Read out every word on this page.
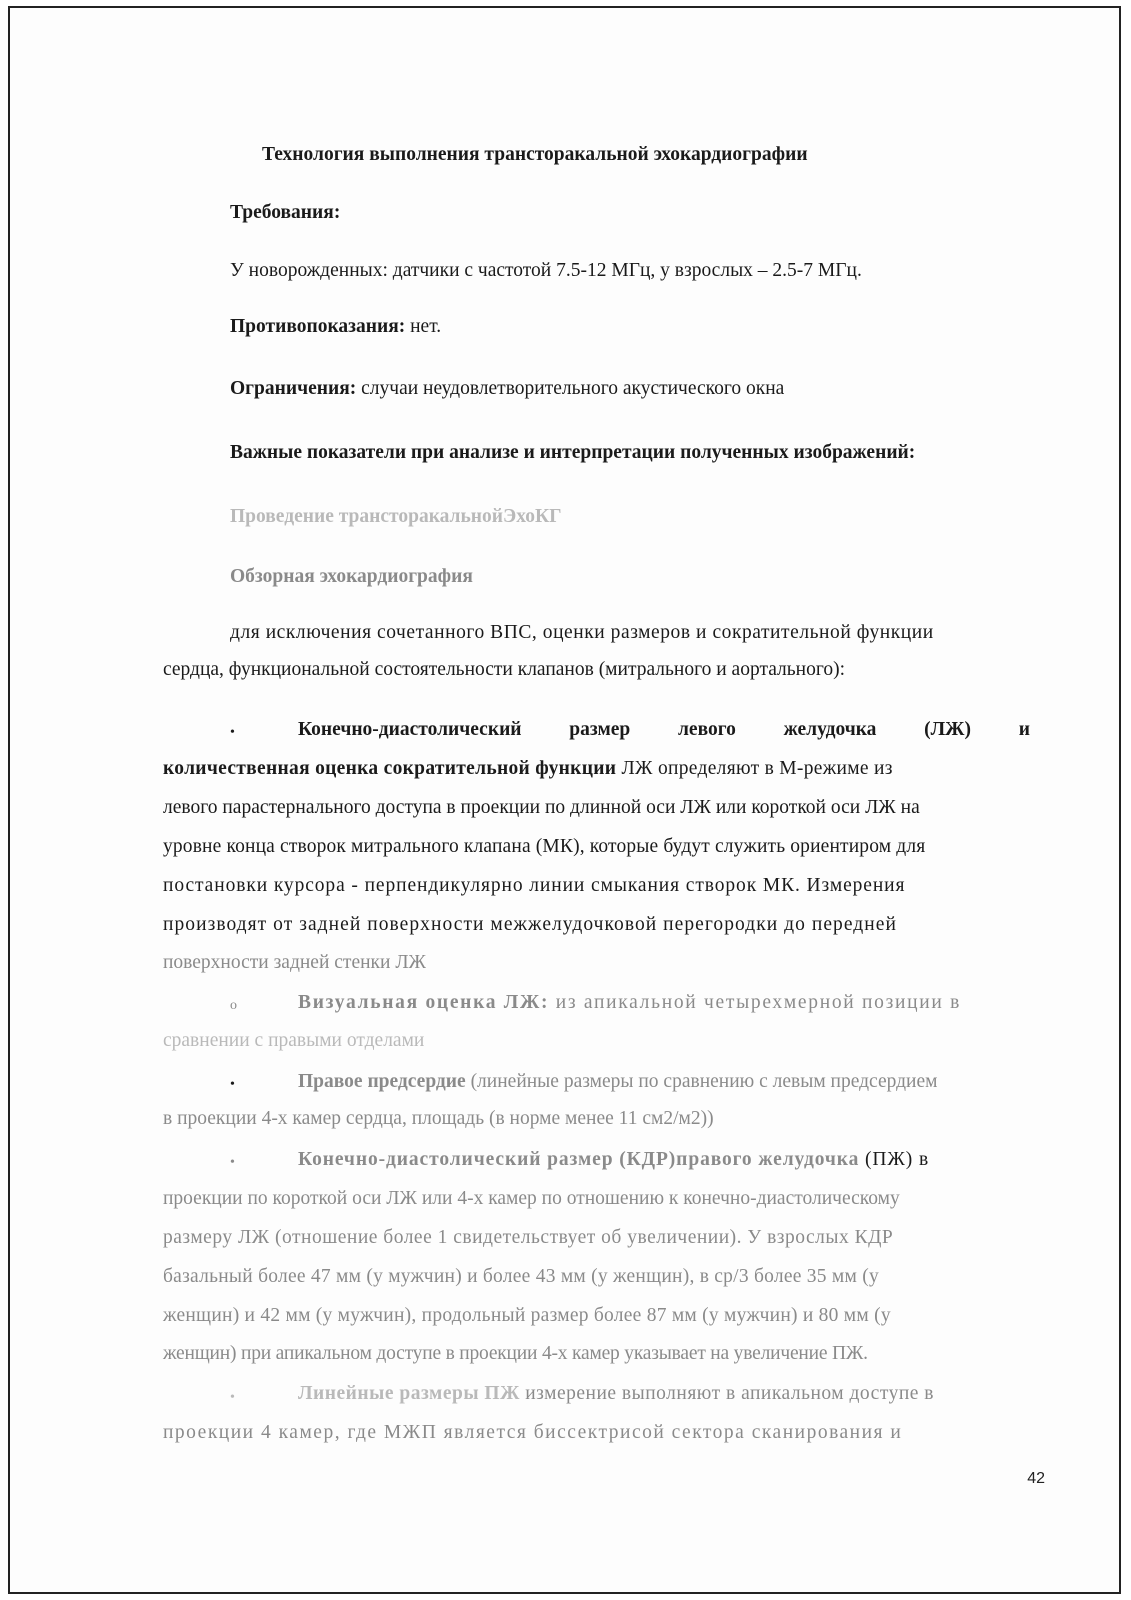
Технология выполнения трансторакальной эхокардиографии
Требования:
У новорожденных: датчики с частотой 7.5-12 МГц, у взрослых – 2.5-7 МГц.
Противопоказания: нет.
Ограничения: случаи неудовлетворительного акустического окна
Важные показатели при анализе и интерпретации полученных изображений:
Проведение трансторакальнойЭхоКГ
Обзорная эхокардиография
для исключения сочетанного ВПС, оценки размеров и сократительной функции
сердца, функциональной состоятельности клапанов (митрального и аортального):
•	Конечно-диастолический размер левого желудочка (ЛЖ) и
количественная оценка сократительной функции ЛЖ определяют в М-режиме из
левого парастернального доступа в проекции по длинной оси ЛЖ или короткой оси ЛЖ на
уровне конца створок митрального клапана (МК), которые будут служить ориентиром для
постановки курсора - перпендикулярно линии смыкания створок МК. Измерения
производят от задней поверхности межжелудочковой перегородки до передней
поверхности задней стенки ЛЖ
o	Визуальная оценка ЛЖ: из апикальной четырехмерной позиции в
сравнении с правыми отделами
•	Правое предсердие (линейные размеры по сравнению с левым предсердием
в проекции 4-х камер сердца, площадь (в норме менее 11 см2/м2))
•	Конечно-диастолический размер (КДР)правого желудочка (ПЖ) в
проекции по короткой оси ЛЖ или 4-х камер по отношению к конечно-диастолическому
размеру ЛЖ (отношение более 1 свидетельствует об увеличении). У взрослых КДР
базальный более 47 мм (у мужчин) и более 43 мм (у женщин), в ср/3 более 35 мм (у
женщин) и 42 мм (у мужчин), продольный размер более 87 мм (у мужчин) и 80 мм (у
женщин) при апикальном доступе в проекции 4-х камер указывает на увеличение ПЖ.
•	Линейные размеры ПЖ измерение выполняют в апикальном доступе в
проекции 4 камер, где МЖП является биссектрисой сектора сканирования и
42
